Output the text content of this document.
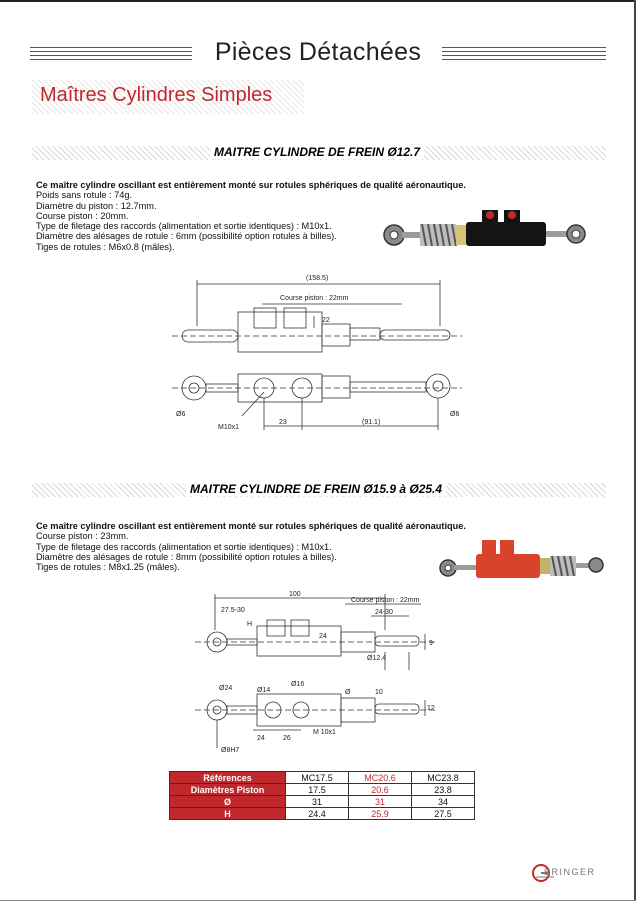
Pièces Détachées
Maîtres Cylindres Simples
MAITRE CYLINDRE DE FREIN Ø12.7
Ce maître cylindre oscillant est entièrement monté sur rotules sphériques de qualité aéronautique.
Poids sans rotule : 74g.
Diamètre du piston : 12.7mm.
Course piston : 20mm.
Type de filetage des raccords (alimentation et sortie identiques) : M10x1.
Diamètre des alésages de rotule : 6mm (possibilité option rotules à billes).
Tiges de rotules : M6x0.8 (mâles).
(158.5)
Course piston : 22mm
22
M10x1
23	(91.1)
Ø6	Ø6
MAITRE CYLINDRE DE FREIN Ø15.9 à Ø25.4
Ce maître cylindre oscillant est entièrement monté sur rotules sphériques de qualité aéronautique.
Course piston : 23mm.
Type de filetage des raccords (alimentation et sortie identiques) : M10x1.
Diamètre des alésages de rotule : 8mm (possibilité option rotules à billes).
Tiges de rotules : M8x1.25 (mâles).
100
Course piston : 22mm
27.5-30	24-30
H
24
9
Ø12.4
10
12
Ø24	Ø14
Ø16
Ø
24	26
M 10x1
Ø8H7
Références	MC17.5	MC20.6	MC23.8
Diamètres Piston	17.5	20.6	23.8
Ø	31	31	34
H	24.4	25.9	27.5
ERINGER
